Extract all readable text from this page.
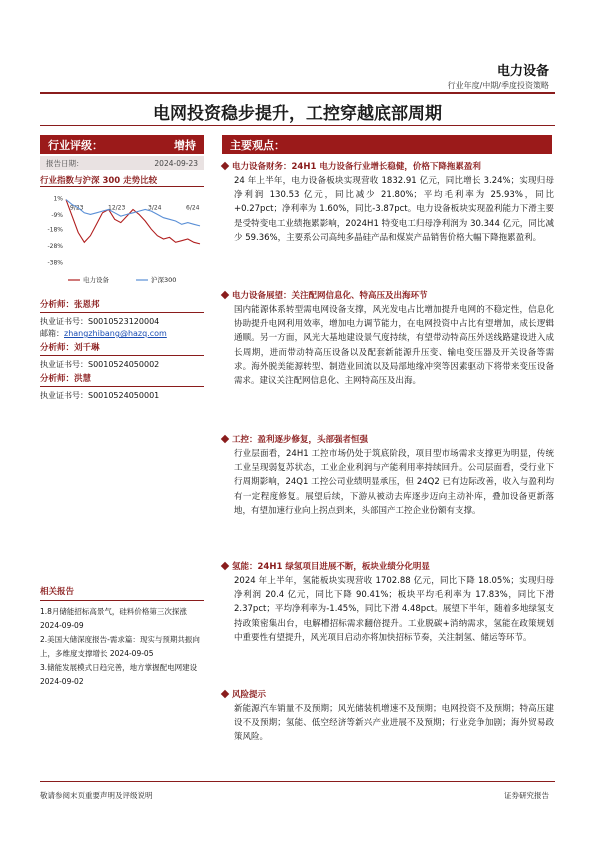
电力设备
行业年度/中期/季度投资策略
电网投资稳步提升，工控穿越底部周期
行业评级：	增持
报告日期：	2024-09-23
行业指数与沪深 300 走势比较
1%
-9%
-18%
-28%
-38%
9/23	12/23	3/24	6/24
电力设备	沪深300
分析师：张恩邦
执业证书号：S0010523120004
邮箱：zhangzhibang@hazq.com
分析师：刘千琳
执业证书号：S0010524050002
分析师：洪慧
执业证书号：S0010524050001
相关报告
1.8月储能招标高景气，硅料价格第三次探涨 2024-09-09
2.美国大储深度报告-需求篇：现实与预期共振向上，多维度支撑增长 2024-09-05
3.储能发展模式日趋完善，地方掌握配电网建设 2024-09-02
主要观点：
电力设备财务：24H1 电力设备行业增长稳健，价格下降拖累盈利
24 年上半年，电力设备板块实现营收 1832.91 亿元，同比增长 3.24%；实现归母净利润 130.53 亿元，同比减少 21.80%；平均毛利率为 25.93%，同比+0.27pct；净利率为 1.60%，同比-3.87pct。电力设备板块实现盈利能力下滑主要是受特变电工业绩拖累影响，2024H1 特变电工归母净利润为 30.344 亿元，同比减少 59.36%，主要系公司高纯多晶硅产品和煤炭产品销售价格大幅下降拖累盈利。
电力设备展望：关注配网信息化、特高压及出海环节
国内能源体系转型需电网设备支撑，风光发电占比增加提升电网的不稳定性，信息化协助提升电网利用效率，增加电力调节能力，在电网投资中占比有望增加，成长逻辑通顺。另一方面，风光大基地建设景气度持续，有望带动特高压外送线路建设进入成长周期，进而带动特高压设备以及配套新能源升压变、输电变压器及开关设备等需求。海外脱美能源转型、制造业回流以及局部地缘冲突等因素驱动下将带来变压设备需求。建议关注配网信息化、主网特高压及出海。
工控：盈利逐步修复，头部强者恒强
行业层面看，24H1 工控市场仍处于筑底阶段，项目型市场需求支撑更为明显，传统工业呈现弱复苏状态，工业企业利润与产能利用率持续回升。公司层面看，受行业下行周期影响，24Q1 工控公司业绩明显承压，但 24Q2 已有边际改善，收入与盈利均有一定程度修复。展望后续，下游从被动去库逐步迈向主动补库，叠加设备更新落地，有望加速行业向上拐点到来，头部国产工控企业份额有支撑。
氢能：24H1 绿氢项目进展不断，板块业绩分化明显
2024 年上半年，氢能板块实现营收 1702.88 亿元，同比下降 18.05%；实现归母净利润 20.4 亿元，同比下降 90.41%；板块平均毛利率为 17.83%，同比下滑 2.37pct；平均净利率为-1.45%，同比下滑 4.48pct。展望下半年，随着多地绿氢支持政策密集出台，电解槽招标需求翻倍提升。工业脱碳+消纳需求，氢能在政策规划中重要性有望提升，风光项目启动亦将加快招标节奏，关注制氢、储运等环节。
风险提示
新能源汽车销量不及预期；风光储装机增速不及预期；电网投资不及预期；特高压建设不及预期；氢能、低空经济等新兴产业进展不及预期；行业竞争加剧；海外贸易政策风险。
敬请参阅末页重要声明及评级说明	证券研究报告
